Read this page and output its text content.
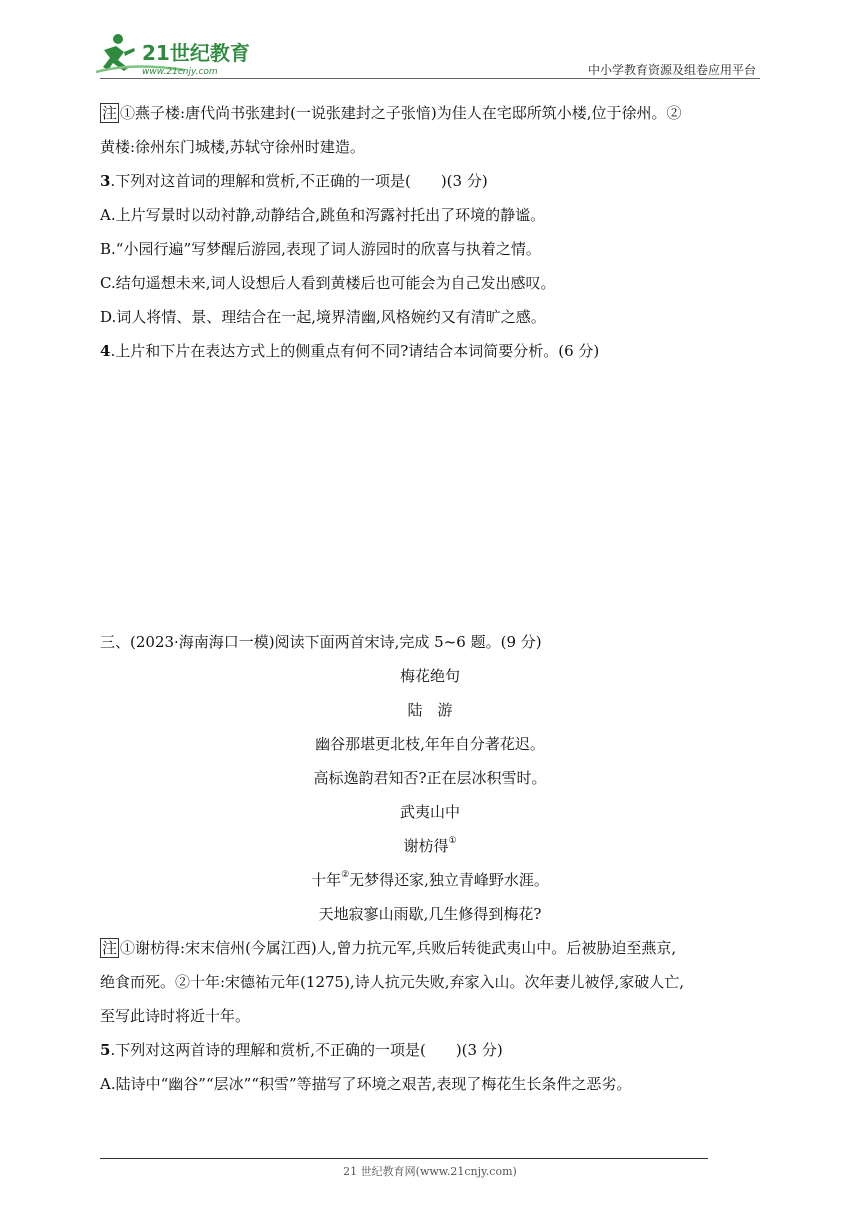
21世纪教育
www.21cnjy.com	中小学教育资源及组卷应用平台

注 ①燕子楼:唐代尚书张建封(一说张建封之子张愔)为佳人在宅邸所筑小楼,位于徐州。②

黄楼:徐州东门城楼,苏轼守徐州时建造。

3.下列对这首词的理解和赏析,不正确的一项是(　　)(3 分)

A.上片写景时以动衬静,动静结合,跳鱼和泻露衬托出了环境的静谧。

B.“小园行遍”写梦醒后游园,表现了词人游园时的欣喜与执着之情。

C.结句遥想未来,词人设想后人看到黄楼后也可能会为自己发出感叹。

D.词人将情、景、理结合在一起,境界清幽,风格婉约又有清旷之感。

4.上片和下片在表达方式上的侧重点有何不同?请结合本词简要分析。(6 分)

三、(2023·海南海口一模)阅读下面两首宋诗,完成 5~6 题。(9 分)

梅花绝句

陆　游

幽谷那堪更北枝,年年自分著花迟。

高标逸韵君知否?正在层冰积雪时。

武夷山中

谢枋得①

十年②无梦得还家,独立青峰野水涯。

天地寂寥山雨歇,几生修得到梅花?

注 ①谢枋得:宋末信州(今属江西)人,曾力抗元军,兵败后转徙武夷山中。后被胁迫至燕京,

绝食而死。②十年:宋德祐元年(1275),诗人抗元失败,弃家入山。次年妻儿被俘,家破人亡,

至写此诗时将近十年。

5.下列对这两首诗的理解和赏析,不正确的一项是(　　)(3 分)

A.陆诗中“幽谷”“层冰”“积雪”等描写了环境之艰苦,表现了梅花生长条件之恶劣。

21 世纪教育网(www.21cnjy.com)
